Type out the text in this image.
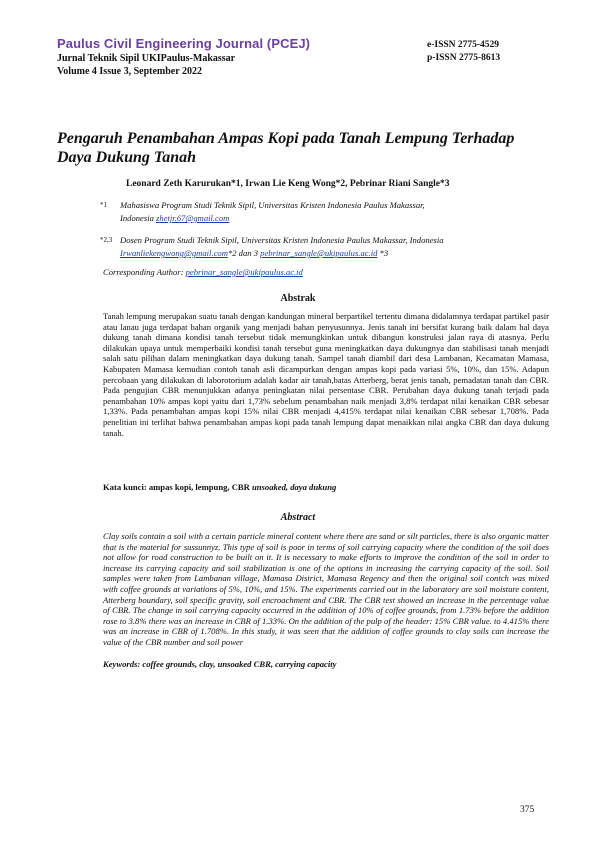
Paulus Civil Engineering Journal (PCEJ)
Jurnal Teknik Sipil UKIPaulus-Makassar
Volume 4 Issue 3, September 2022
e-ISSN 2775-4529
p-ISSN 2775-8613
Pengaruh Penambahan Ampas Kopi pada Tanah Lempung Terhadap
Daya Dukung Tanah
Leonard Zeth Karurukan*1, Irwan Lie Keng Wong*2, Pebrinar Riani Sangle*3
*1 Mahasiswa Program Studi Teknik Sipil, Universitas Kristen Indonesia Paulus Makassar,
Indonesia zhetjr.67@gmail.com
*2,3 Dosen Program Studi Teknik Sipil, Universitas Kristen Indonesia Paulus Makassar, Indonesia
Irwanliekengwong@gmail.com*2 dan 3 pebrinar_sangle@ukipaulus.ac.id *3
Corresponding Author: pebrinar_sangle@ukipaulus.ac.id
Abstrak
Tanah lempung merupakan suatu tanah dengan kandungan mineral berpartikel tertentu dimana didalamnya terdapat partikel pasir atau lanau juga terdapat bahan organik yang menjadi bahan penyusunnya. Jenis tanah ini bersifat kurang baik dalam hal daya dukung tanah dimana kondisi tanah tersebut tidak memungkinkan untuk dibangun konstruksi jalan raya di atasnya. Perlu dilakukan upaya untuk memperbaiki kondisi tanah tersebut guna meningkatkan daya dukungnya dan stabilisasi tanah menjadi salah satu pilihan dalam meningkatkan daya dukung tanah. Sampel tanah diambil dari desa Lambanan, Kecamatan Mamasa, Kabupaten Mamasa kemudian contoh tanah asli dicampurkan dengan ampas kopi pada variasi 5%, 10%, dan 15%. Adapun percobaan yang dilakukan di laborotorium adalah kadar air tanah,batas Atterberg, berat jenis tanah, pemadatan tanah dan CBR. Pada pengujian CBR menunjukkan adanya peningkatan nilai persentase CBR. Perubahan daya dukung tanah terjadi pada penambahan 10% ampas kopi yaitu dari 1,73% sebelum penambahan naik menjadi 3,8% terdapat nilai kenaikan CBR sebesar 1,33%. Pada penambahan ampas kopi 15% nilai CBR menjadi 4,415% terdapat nilai kenaikan CBR sebesar 1,708%. Pada penelitian ini terlihat bahwa penambahan ampas kopi pada tanah lempung dapat menaikkan nilai angka CBR dan daya dukung tanah.
Kata kunci: ampas kopi, lempung, CBR unsoaked, daya dukung
Abstract
Clay soils contain a soil with a certain particle mineral content where there are sand or silt particles, there is also organic matter that is the material for sussunnyz. This type of soil is poor in terms of soil carrying capacity where the condition of the soil does not allow for road construction to be built on it. It is necessary to make efforts to improve the condition of the soil in order to increase its carrying capacity and soil stabilization is one of the options in increasing the carrying capacity of the soil. Soil samples were taken from Lambanan village, Mamasa District, Mamasa Regency and then the original soil contch was mixed with coffee grounds at variations of 5%, 10%, and 15%. The experiments carried out in the laboratory are soil moisture content, Atterberg boundary, soil specific gravity, soil encroachment and CBR. The CBR test showed an increase in the percentage value of CBR. The change in soil carrying capacity occurred in the addition of 10% of coffee grounds, from 1.73% before the addition rose to 3.8% there was an increase in CBR of 1.33%. On the addition of the pulp of the header: 15% CBR value. to 4.415% there was an increase in CBR of 1.708%. In this study, it was seen that the addition of coffee grounds to clay soils can increase the value of the CBR number and soil power
Keywords: coffee grounds, clay, unsoaked CBR, carrying capacity
375
